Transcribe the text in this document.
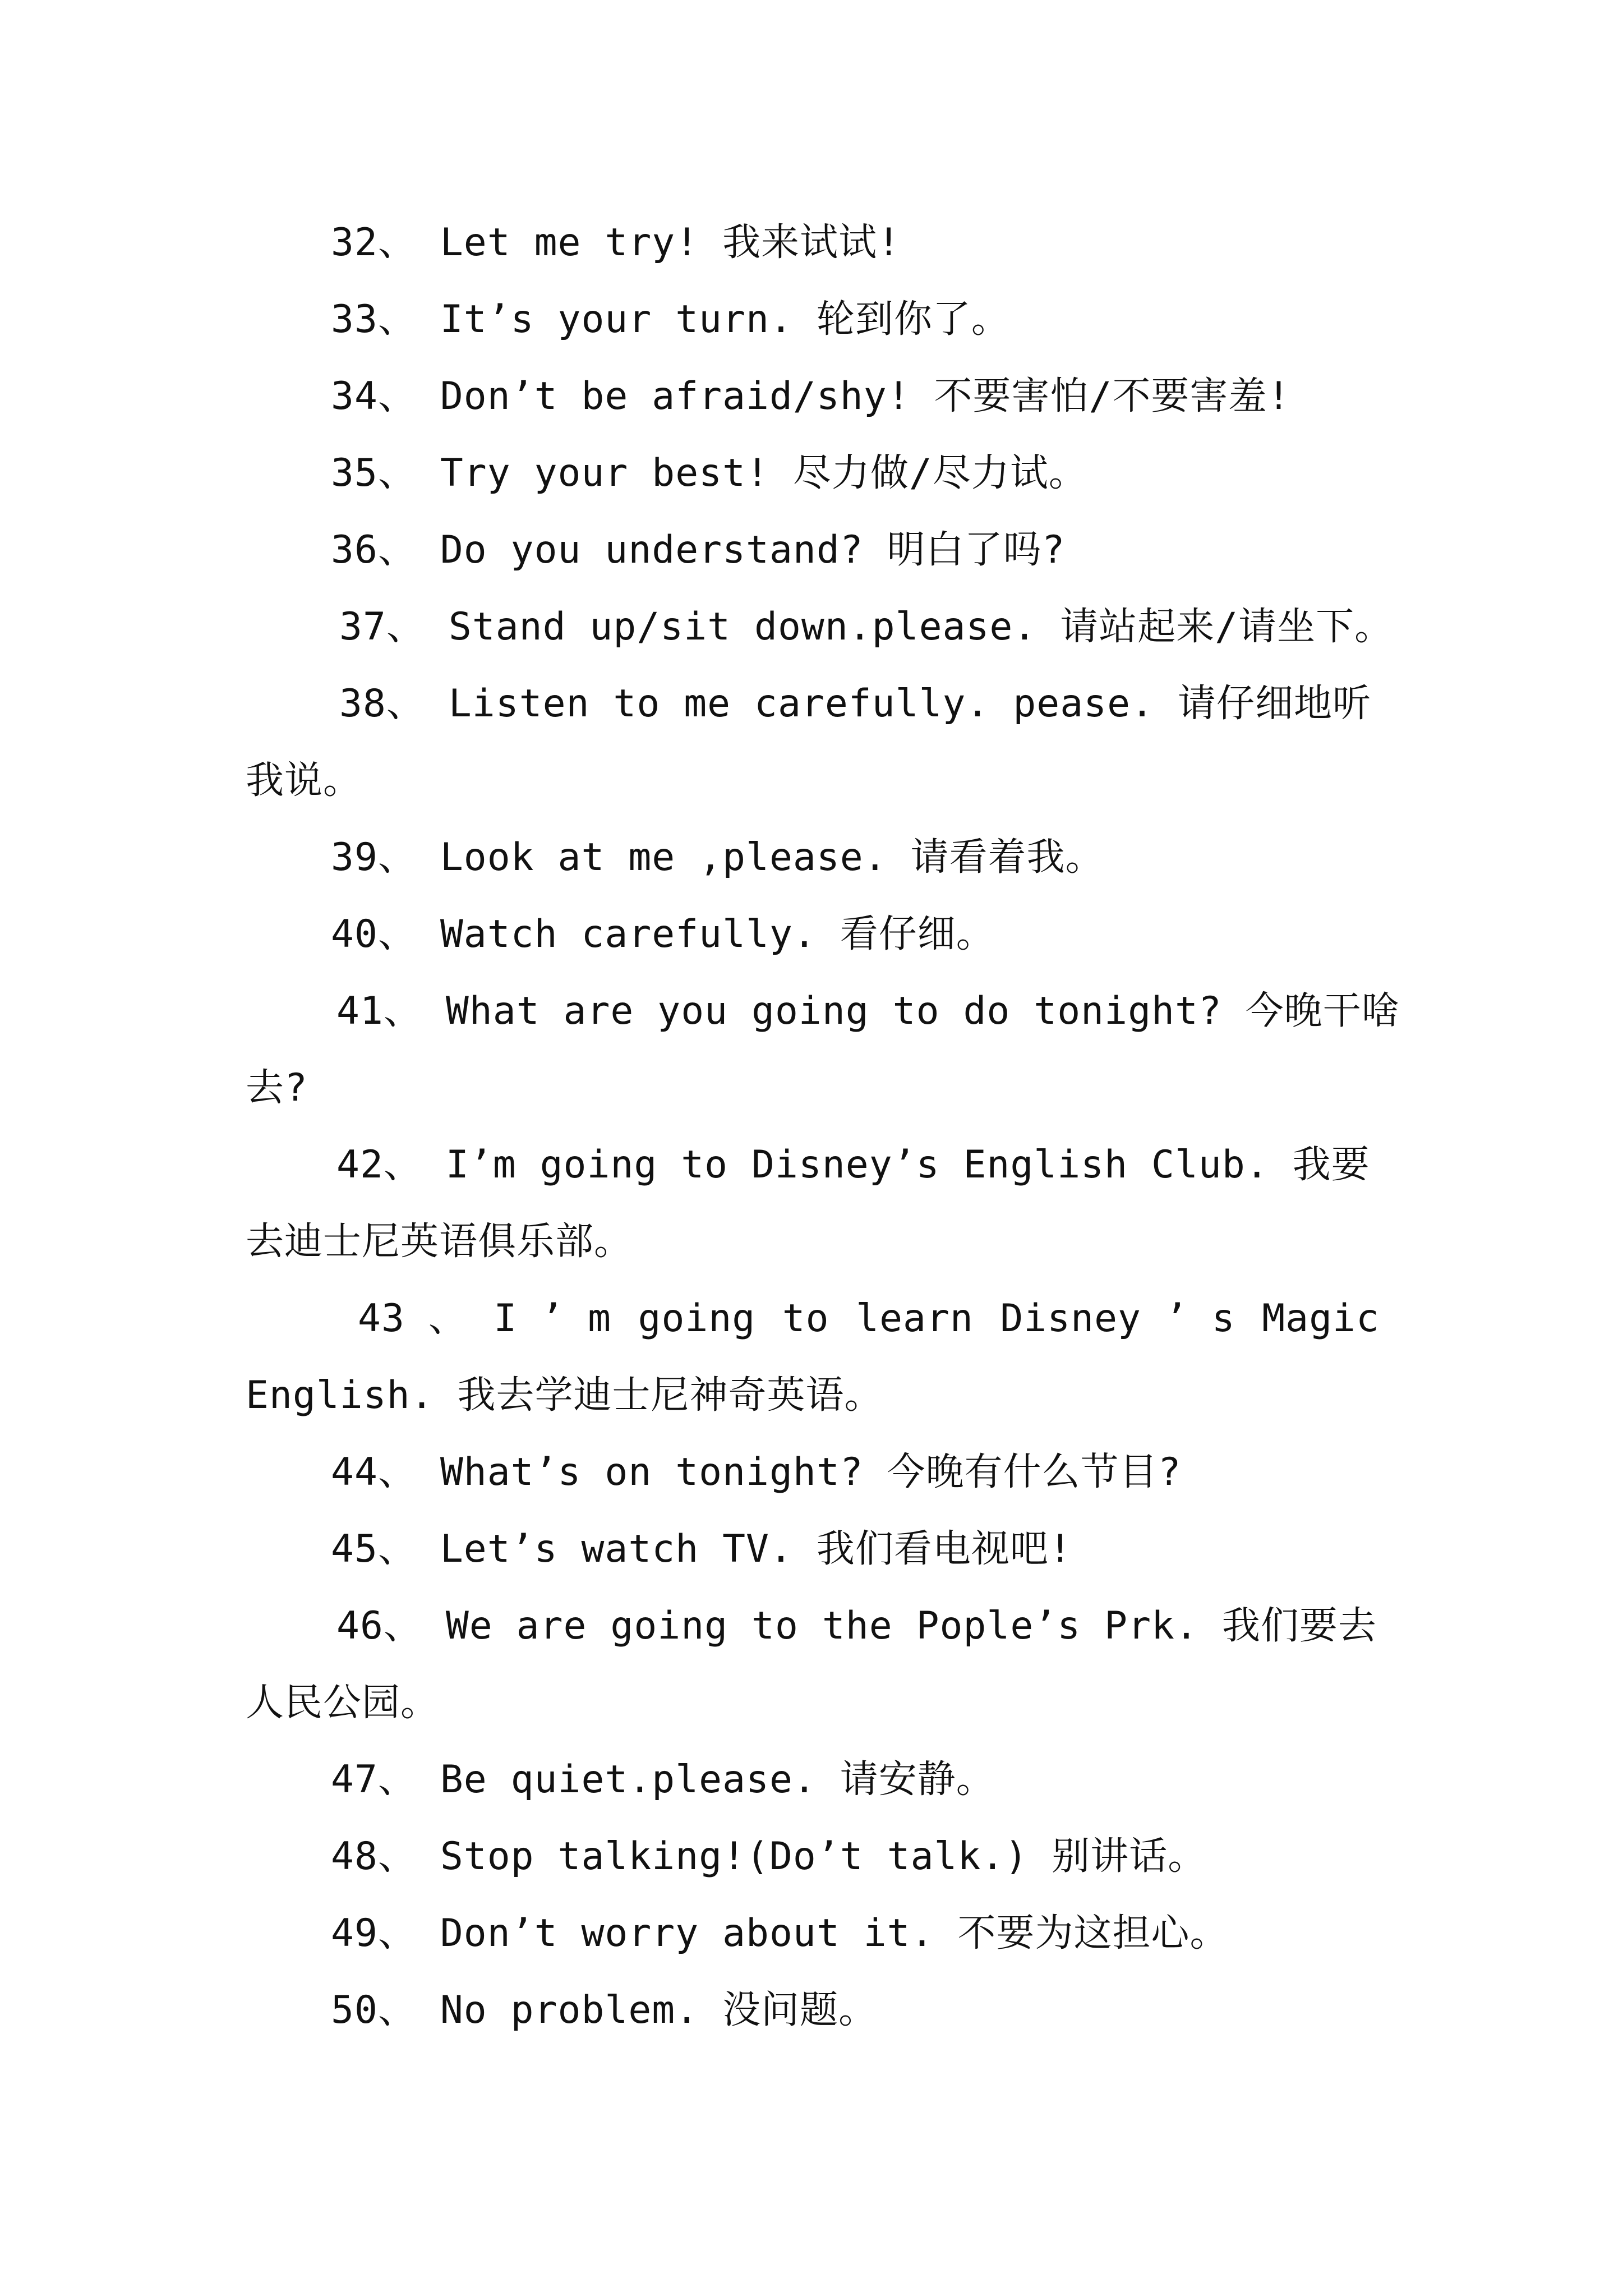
32、 Let me try! 我来试试!

33、 It’s your turn. 轮到你了。

34、 Don’t be afraid/shy! 不要害怕/不要害羞!

35、 Try your best! 尽力做/尽力试。

36、 Do you understand? 明白了吗?

37、 Stand up/sit down.please. 请站起来/请坐下。

38、 Listen to me carefully. pease. 请仔细地听

我说。

39、 Look at me ,please. 请看着我。

40、 Watch carefully. 看仔细。

41、 What are you going to do tonight? 今晚干啥

去?

42、 I’m going to Disney’s English Club. 我要

去迪士尼英语俱乐部。

43 、 I ’ m going to learn Disney ’ s Magic

English. 我去学迪士尼神奇英语。

44、 What’s on tonight? 今晚有什么节目?

45、 Let’s watch TV. 我们看电视吧!

46、 We are going to the Pople’s Prk. 我们要去

人民公园。

47、 Be quiet.please. 请安静。

48、 Stop talking!(Do’t talk.) 别讲话。

49、 Don’t worry about it. 不要为这担心。

50、 No problem. 没问题。
